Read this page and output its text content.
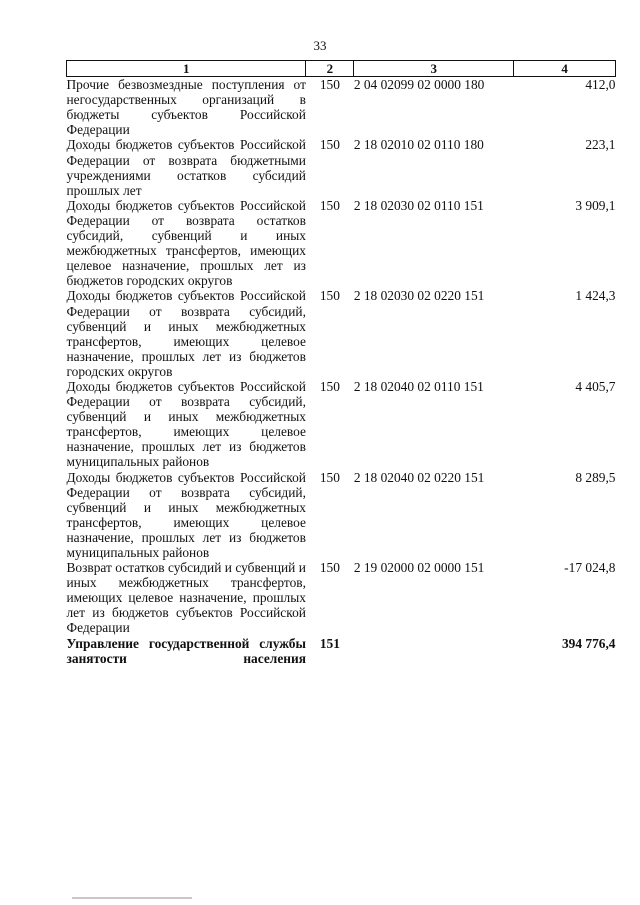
33
1	2	3	4
Прочие безвозмездные поступления от негосударственных организаций в бюджеты субъектов Российской Федерации	150	2 04 02099 02 0000 180	412,0
Доходы бюджетов субъектов Российской Федерации от возврата бюджетными учреждениями остатков субсидий прошлых лет	150	2 18 02010 02 0110 180	223,1
Доходы бюджетов субъектов Российской Федерации от возврата остатков субсидий, субвенций и иных межбюджетных трансфертов, имеющих целевое назначение, прошлых лет из бюджетов городских округов	150	2 18 02030 02 0110 151	3 909,1
Доходы бюджетов субъектов Российской Федерации от возврата субсидий, субвенций и иных межбюджетных трансфертов, имеющих целевое назначение, прошлых лет из бюджетов городских округов	150	2 18 02030 02 0220 151	1 424,3
Доходы бюджетов субъектов Российской Федерации от возврата субсидий, субвенций и иных межбюджетных трансфертов, имеющих целевое назначение, прошлых лет из бюджетов муниципальных районов	150	2 18 02040 02 0110 151	4 405,7
Доходы бюджетов субъектов Российской Федерации от возврата субсидий, субвенций и иных межбюджетных трансфертов, имеющих целевое назначение, прошлых лет из бюджетов муниципальных районов	150	2 18 02040 02 0220 151	8 289,5
Возврат остатков субсидий и субвенций и иных межбюджетных трансфертов, имеющих целевое назначение, прошлых лет из бюджетов субъектов Российской Федерации	150	2 19 02000 02 0000 151	-17 024,8
Управление государственной службы занятости населения	151		394 776,4
